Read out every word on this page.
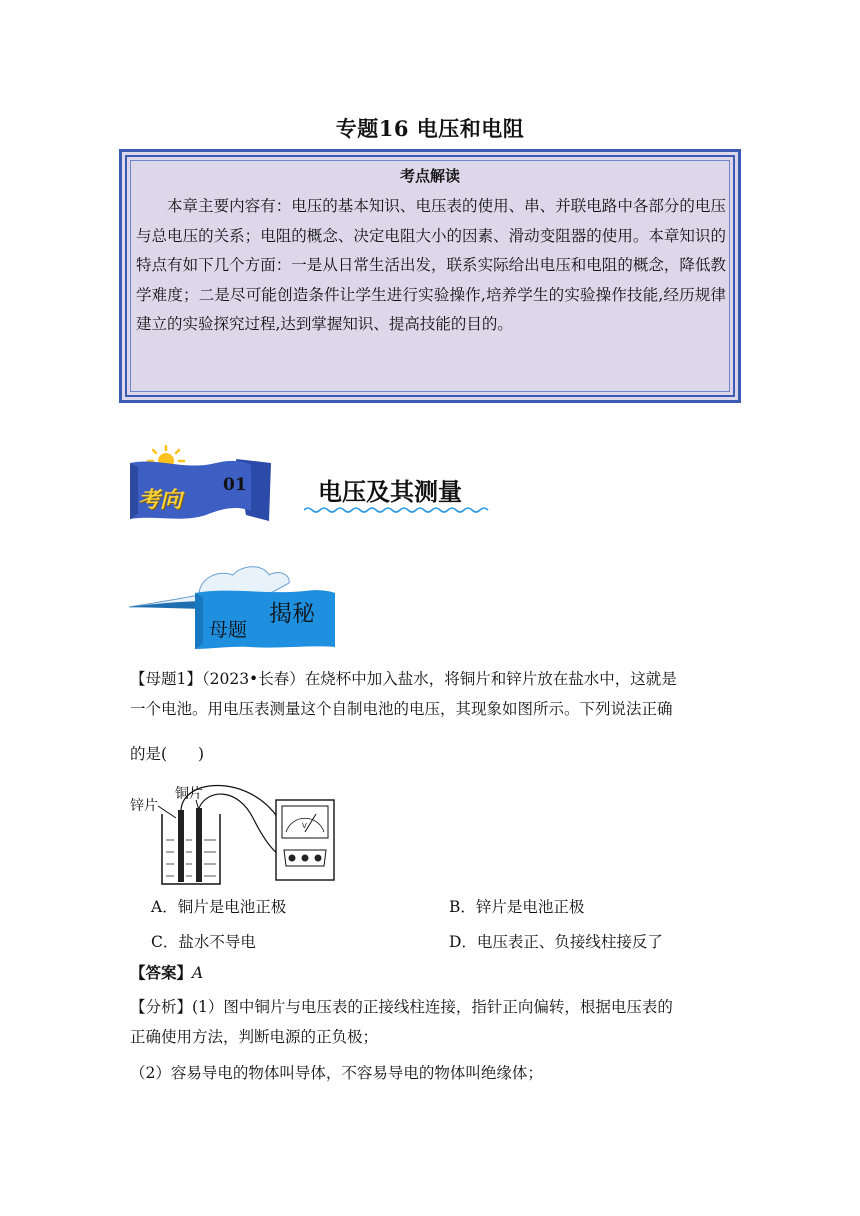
专题16 电压和电阻
考点解读
本章主要内容有：电压的基本知识、电压表的使用、串、并联电路中各部分的电压与总电压的关系；电阻的概念、决定电阻大小的因素、滑动变阻器的使用。本章知识的特点有如下几个方面：一是从日常生活出发，联系实际给出电压和电阻的概念，降低教学难度；二是尽可能创造条件让学生进行实验操作,培养学生的实验操作技能,经历规律建立的实验探究过程,达到掌握知识、提高技能的目的。
考向
01	电压及其测量
母题
揭秘
【母题1】（2023•长春）在烧杯中加入盐水，将铜片和锌片放在盐水中，这就是
一个电池。用电压表测量这个自制电池的电压，其现象如图所示。下列说法正确
的是(　　)
锌片
铜片
V
A．铜片是电池正极	B．锌片是电池正极
C．盐水不导电	D．电压表正、负接线柱接反了
【答案】A
【分析】(1）图中铜片与电压表的正接线柱连接，指针正向偏转，根据电压表的
正确使用方法，判断电源的正负极；
（2）容易导电的物体叫导体，不容易导电的物体叫绝缘体；
